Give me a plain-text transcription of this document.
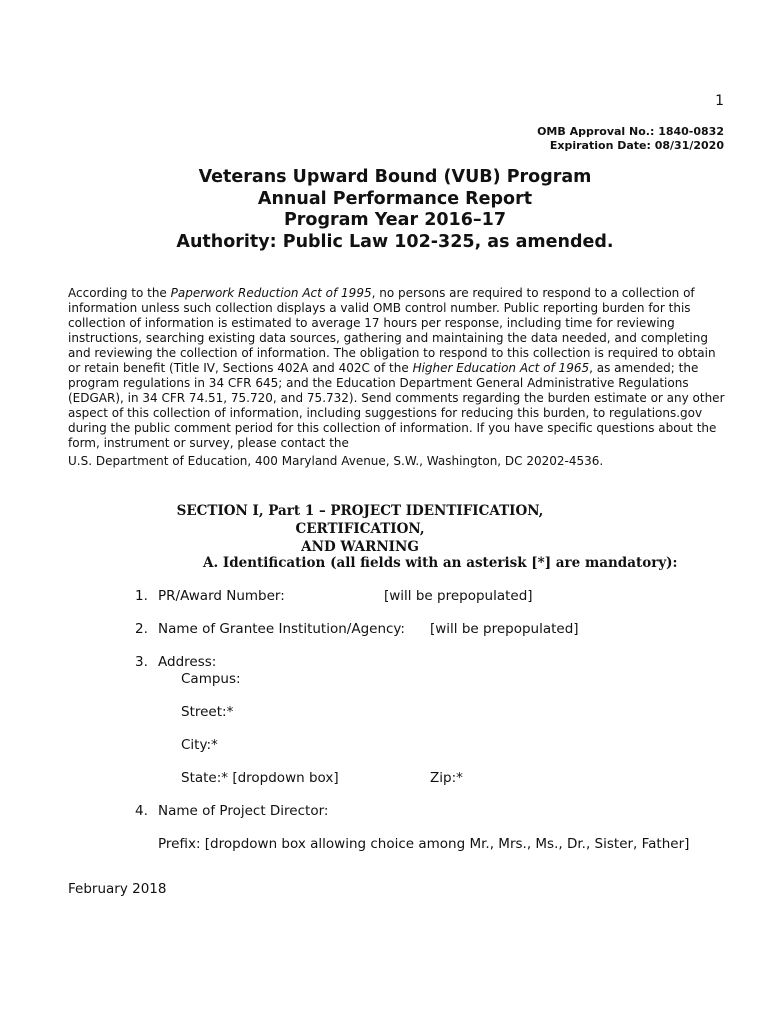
1
OMB Approval No.: 1840-0832
Expiration Date: 08/31/2020
Veterans Upward Bound (VUB) Program
Annual Performance Report
Program Year 2016–17
Authority: Public Law 102-325, as amended.

According to the Paperwork Reduction Act of 1995, no persons are required to respond to a collection of information unless such collection displays a valid OMB control number. Public reporting burden for this collection of information is estimated to average 17 hours per response, including time for reviewing instructions, searching existing data sources, gathering and maintaining the data needed, and completing and reviewing the collection of information. The obligation to respond to this collection is required to obtain or retain benefit (Title IV, Sections 402A and 402C of the Higher Education Act of 1965, as amended; the program regulations in 34 CFR 645; and the Education Department General Administrative Regulations (EDGAR), in 34 CFR 74.51, 75.720, and 75.732). Send comments regarding the burden estimate or any other aspect of this collection of information, including suggestions for reducing this burden, to regulations.gov during the public comment period for this collection of information. If you have specific questions about the form, instrument or survey, please contact the
U.S. Department of Education, 400 Maryland Avenue, S.W., Washington, DC 20202-4536.

SECTION I, Part 1 – PROJECT IDENTIFICATION, CERTIFICATION,
AND WARNING
A. Identification (all fields with an asterisk [*] are mandatory):
1. PR/Award Number:	[will be prepopulated]
2. Name of Grantee Institution/Agency: [will be prepopulated]
3. Address:
Campus:
Street:*
City:*
State:* [dropdown box]	Zip:*
4. Name of Project Director:
Prefix: [dropdown box allowing choice among Mr., Mrs., Ms., Dr., Sister, Father]
February 2018
